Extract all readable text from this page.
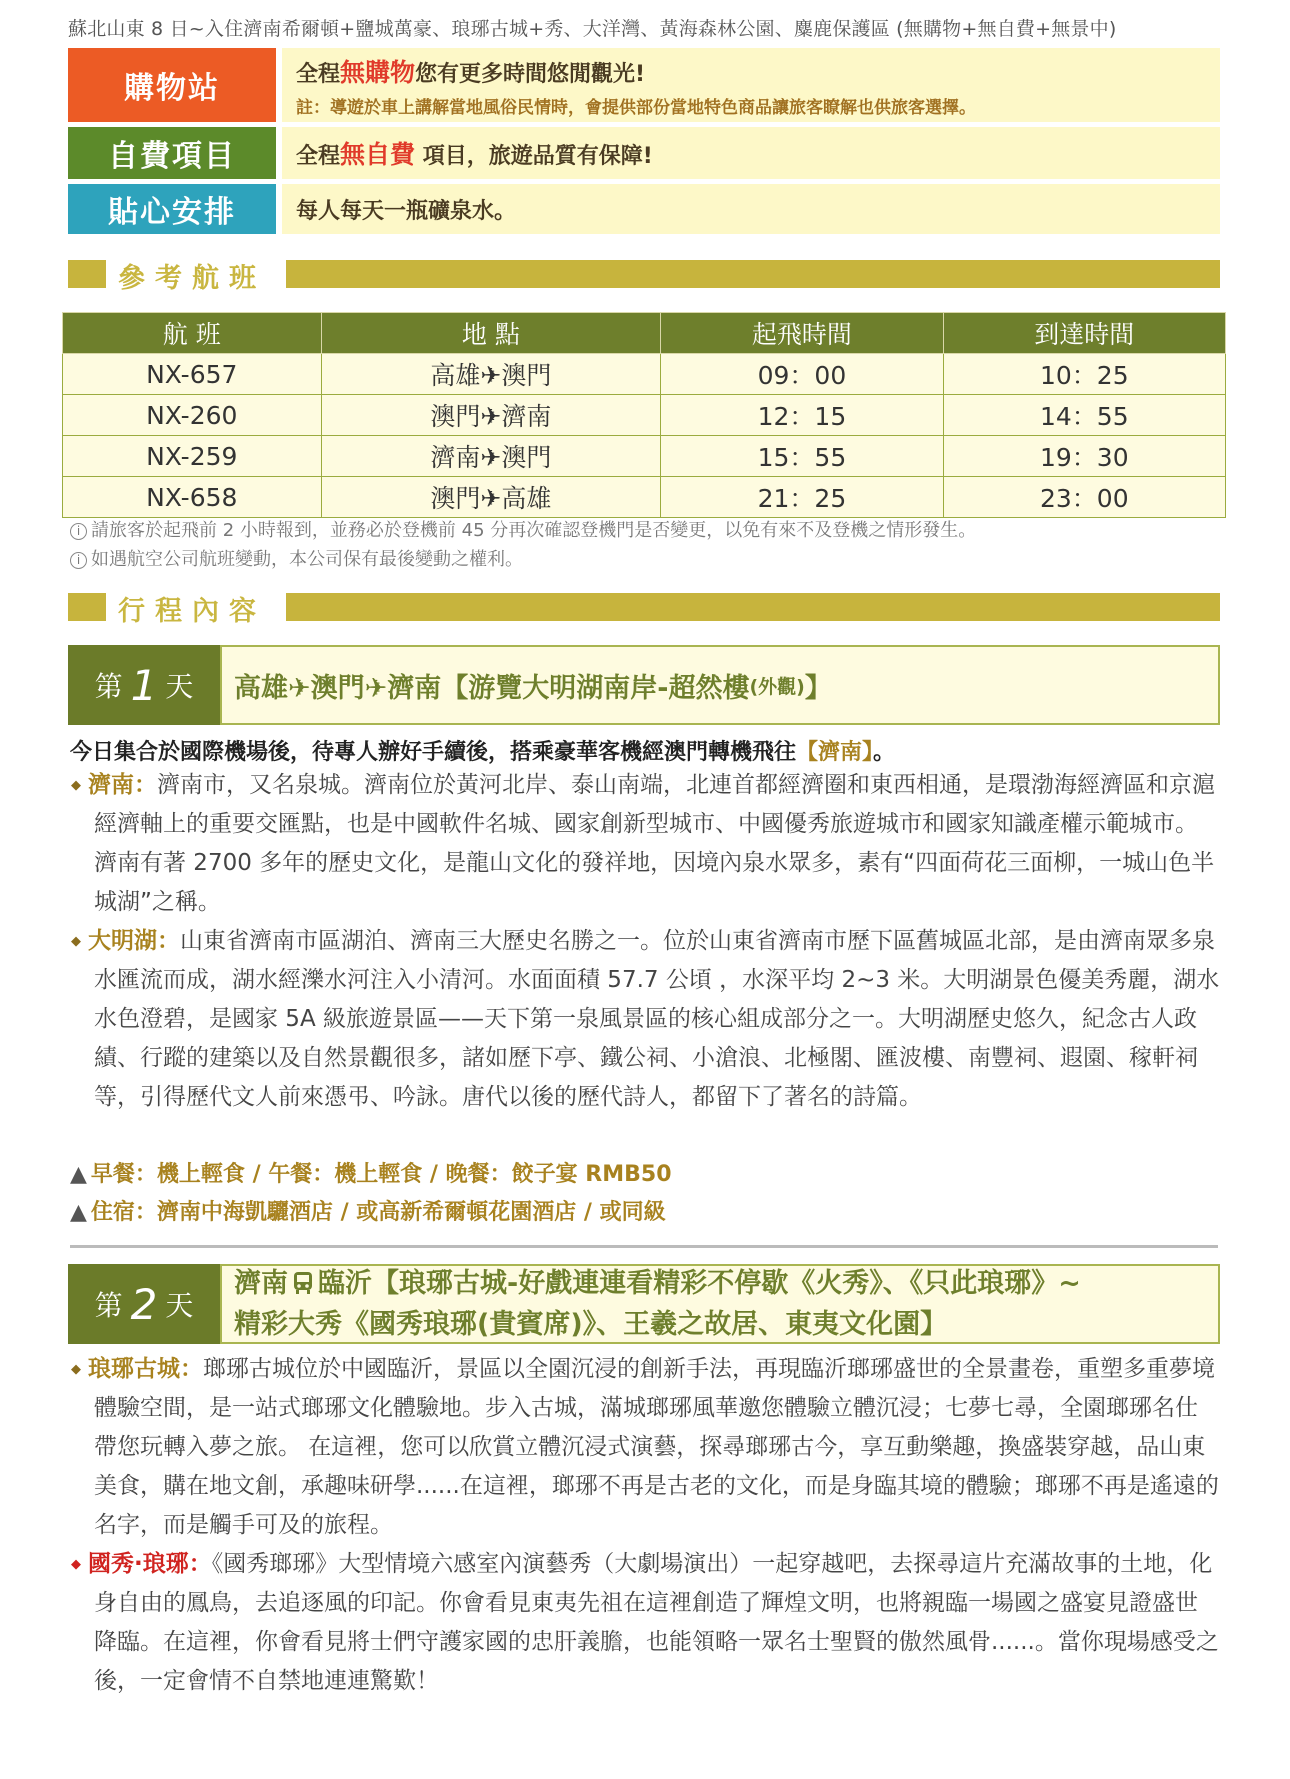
蘇北山東 8 日~入住濟南希爾頓+鹽城萬豪、琅琊古城+秀、大洋灣、黃海森林公園、麋鹿保護區 (無購物+無自費+無景中)
購物站	全程無購物您有更多時間悠閒觀光!
註：導遊於車上講解當地風俗民情時，會提供部份當地特色商品讓旅客瞭解也供旅客選擇。
自費項目	全程無自費 項目，旅遊品質有保障!
貼心安排	每人每天一瓶礦泉水。
參考航班
航 班	地 點	起飛時間	到達時間
NX-657	高雄✈澳門	09：00	10：25
NX-260	澳門✈濟南	12：15	14：55
NX-259	濟南✈澳門	15：55	19：30
NX-658	澳門✈高雄	21：25	23：00
i 請旅客於起飛前 2 小時報到，並務必於登機前 45 分再次確認登機門是否變更，以免有來不及登機之情形發生。
i 如遇航空公司航班變動，本公司保有最後變動之權利。
行程內容
第 1 天 高雄✈澳門✈濟南【游覽大明湖南岸-超然樓 (外觀) 】
今日集合於國際機場後，待專人辦好手續後，搭乘豪華客機經澳門轉機飛往【濟南】。
◆ 濟南：濟南市，又名泉城。濟南位於黃河北岸、泰山南端，北連首都經濟圈和東西相通，是環渤海經濟區和京滬經濟軸上的重要交匯點，也是中國軟件名城、國家創新型城市、中國優秀旅遊城市和國家知識產權示範城市。濟南有著 2700 多年的歷史文化，是龍山文化的發祥地，因境內泉水眾多，素有“四面荷花三面柳，一城山色半城湖”之稱。
◆ 大明湖：山東省濟南市區湖泊、濟南三大歷史名勝之一。位於山東省濟南市歷下區舊城區北部，是由濟南眾多泉水匯流而成，湖水經濼水河注入小清河。水面面積 57.7 公頃 ，水深平均 2~3 米。大明湖景色優美秀麗，湖水水色澄碧，是國家 5A 級旅遊景區——天下第一泉風景區的核心組成部分之一。大明湖歷史悠久，紀念古人政績、行蹤的建築以及自然景觀很多，諸如歷下亭、鐵公祠、小滄浪、北極閣、匯波樓、南豐祠、遐園、稼軒祠等，引得歷代文人前來憑弔、吟詠。唐代以後的歷代詩人，都留下了著名的詩篇。
▲ 早餐：機上輕食 / 午餐：機上輕食 / 晚餐：餃子宴 RMB50
▲ 住宿：濟南中海凱驪酒店 / 或高新希爾頓花園酒店 / 或同級
第 2 天
濟南 臨沂【琅琊古城-好戲連連看精彩不停歇《火秀》、《只此琅琊》~
精彩大秀《國秀琅琊(貴賓席)》、王羲之故居、東夷文化園】
◆ 琅琊古城：瑯琊古城位於中國臨沂，景區以全園沉浸的創新手法，再現臨沂瑯琊盛世的全景畫卷，重塑多重夢境體驗空間，是一站式瑯琊文化體驗地。步入古城，滿城瑯琊風華邀您體驗立體沉浸；七夢七尋，全園瑯琊名仕帶您玩轉入夢之旅。 在這裡，您可以欣賞立體沉浸式演藝，探尋瑯琊古今，享互動樂趣，換盛裝穿越，品山東美食，購在地文創，承趣味研學......在這裡，瑯琊不再是古老的文化，而是身臨其境的體驗；瑯琊不再是遙遠的名字，而是觸手可及的旅程。
◆ 國秀·琅琊：《國秀瑯琊》大型情境六感室內演藝秀（大劇場演出）一起穿越吧，去探尋這片充滿故事的土地，化身自由的鳳鳥，去追逐風的印記。你會看見東夷先祖在這裡創造了輝煌文明，也將親臨一場國之盛宴見證盛世降臨。在這裡，你會看見將士們守護家國的忠肝義膽，也能領略一眾名士聖賢的傲然風骨......。當你現場感受之後，一定會情不自禁地連連驚歎！
